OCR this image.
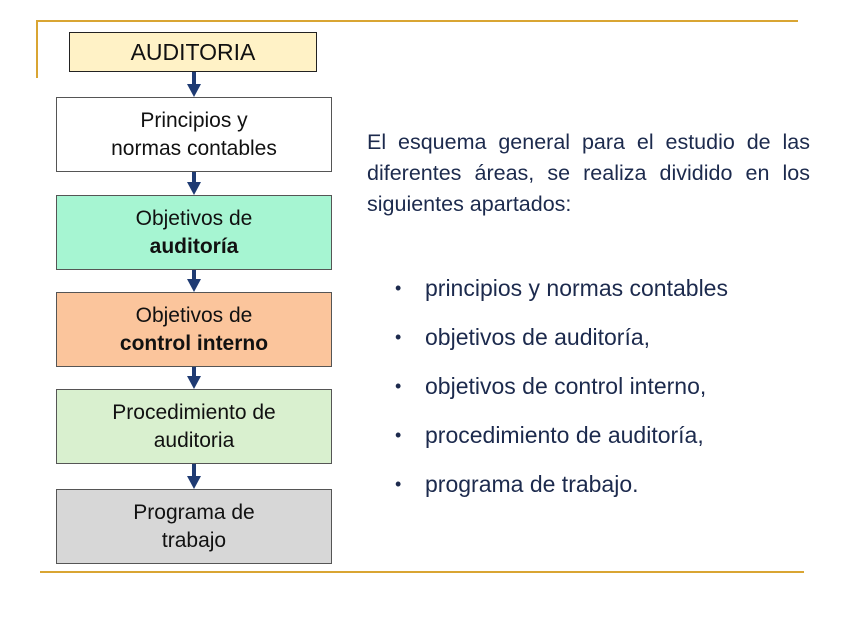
AUDITORIA
Principios y
normas contables
Objetivos de
auditoría
Objetivos de
control interno
Procedimiento de
auditoria
Programa de
trabajo
El esquema general para el estudio de las diferentes áreas, se realiza dividido en los siguientes apartados:
• principios y normas contables
• objetivos de auditoría,
• objetivos de control interno,
• procedimiento de auditoría,
• programa de trabajo.
